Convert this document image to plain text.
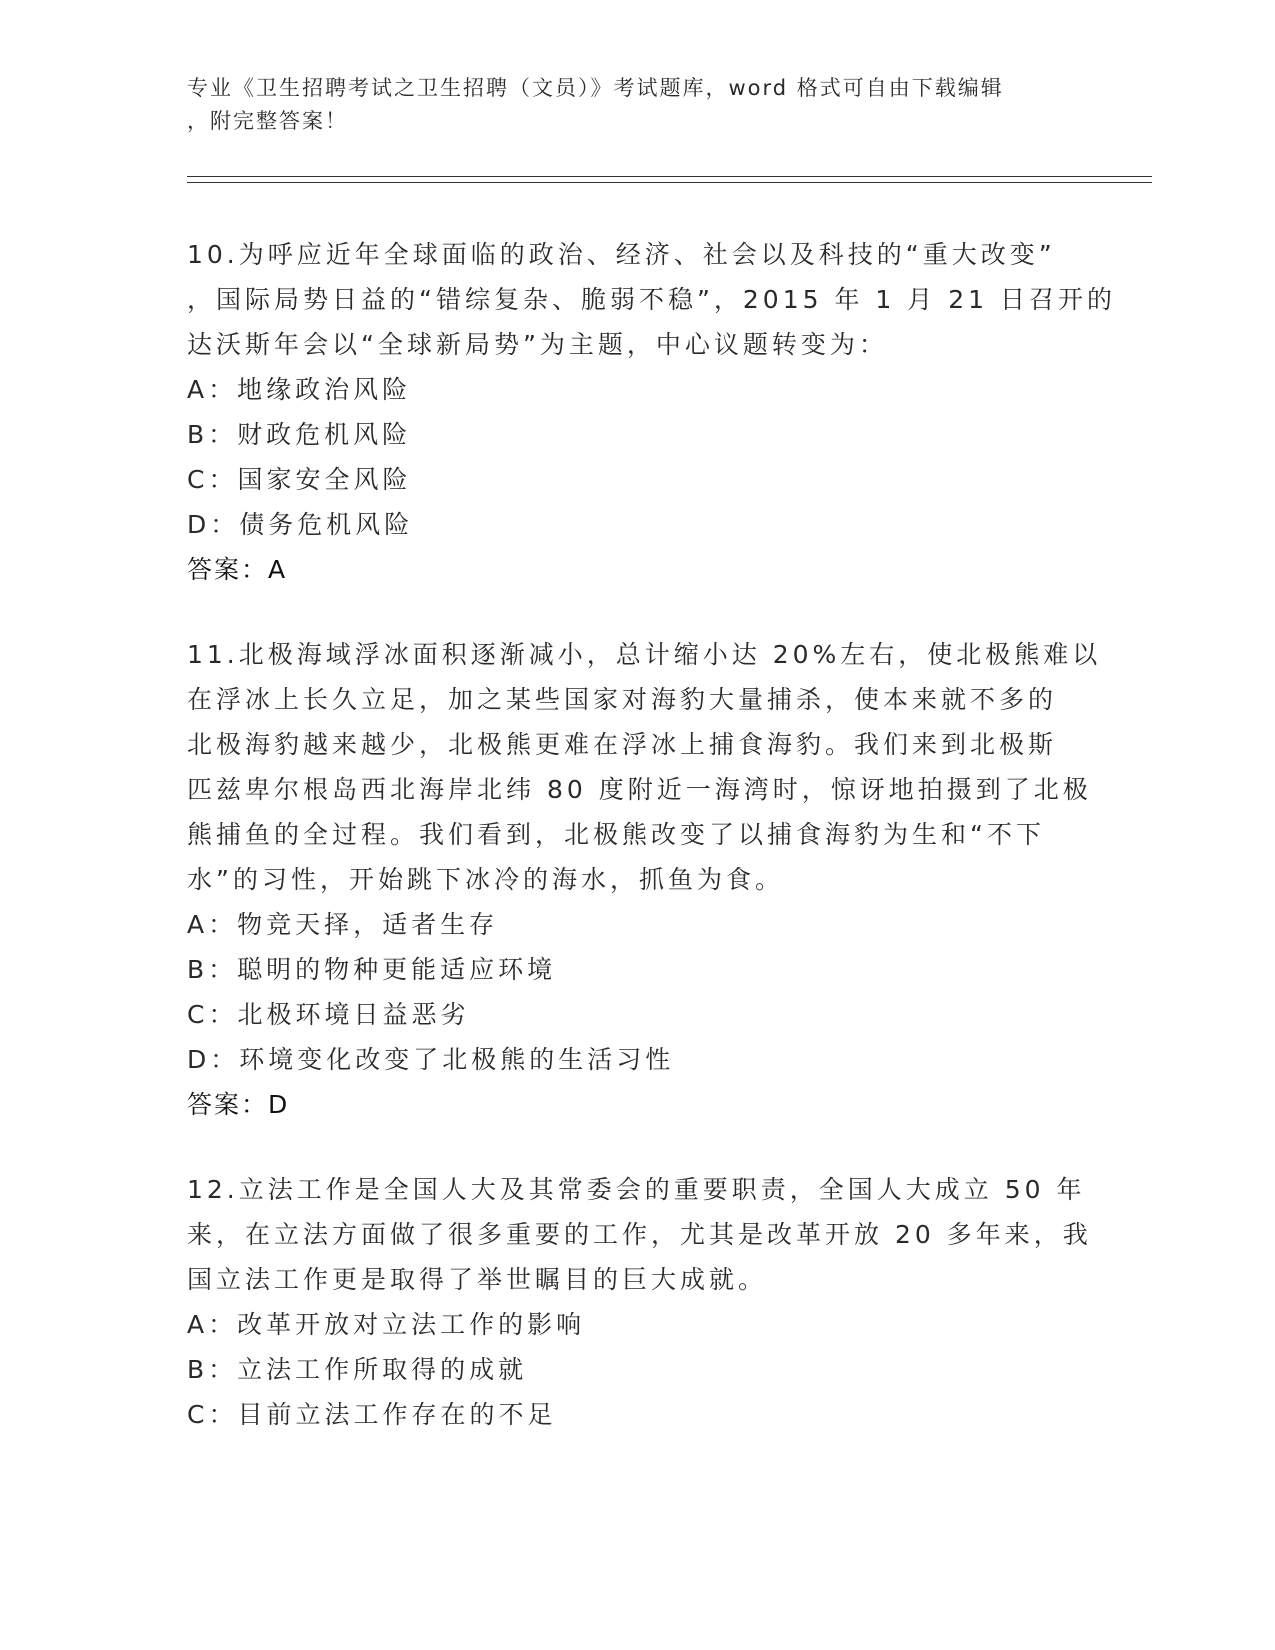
专业《卫生招聘考试之卫生招聘（文员）》考试题库，word 格式可自由下载编辑
，附完整答案！
10.为呼应近年全球面临的政治、经济、社会以及科技的“重大改变”
，国际局势日益的“错综复杂、脆弱不稳”，2015 年 1 月 21 日召开的
达沃斯年会以“全球新局势”为主题，中心议题转变为：
A：地缘政治风险
B：财政危机风险
C：国家安全风险
D：债务危机风险
答案：A
11.北极海域浮冰面积逐渐减小，总计缩小达 20%左右，使北极熊难以
在浮冰上长久立足，加之某些国家对海豹大量捕杀，使本来就不多的
北极海豹越来越少，北极熊更难在浮冰上捕食海豹。我们来到北极斯
匹兹卑尔根岛西北海岸北纬 80 度附近一海湾时，惊讶地拍摄到了北极
熊捕鱼的全过程。我们看到，北极熊改变了以捕食海豹为生和“不下
水”的习性，开始跳下冰冷的海水，抓鱼为食。
A：物竞天择，适者生存
B：聪明的物种更能适应环境
C：北极环境日益恶劣
D：环境变化改变了北极熊的生活习性
答案：D
12.立法工作是全国人大及其常委会的重要职责，全国人大成立 50 年
来，在立法方面做了很多重要的工作，尤其是改革开放 20 多年来，我
国立法工作更是取得了举世瞩目的巨大成就。
A：改革开放对立法工作的影响
B：立法工作所取得的成就
C：目前立法工作存在的不足
